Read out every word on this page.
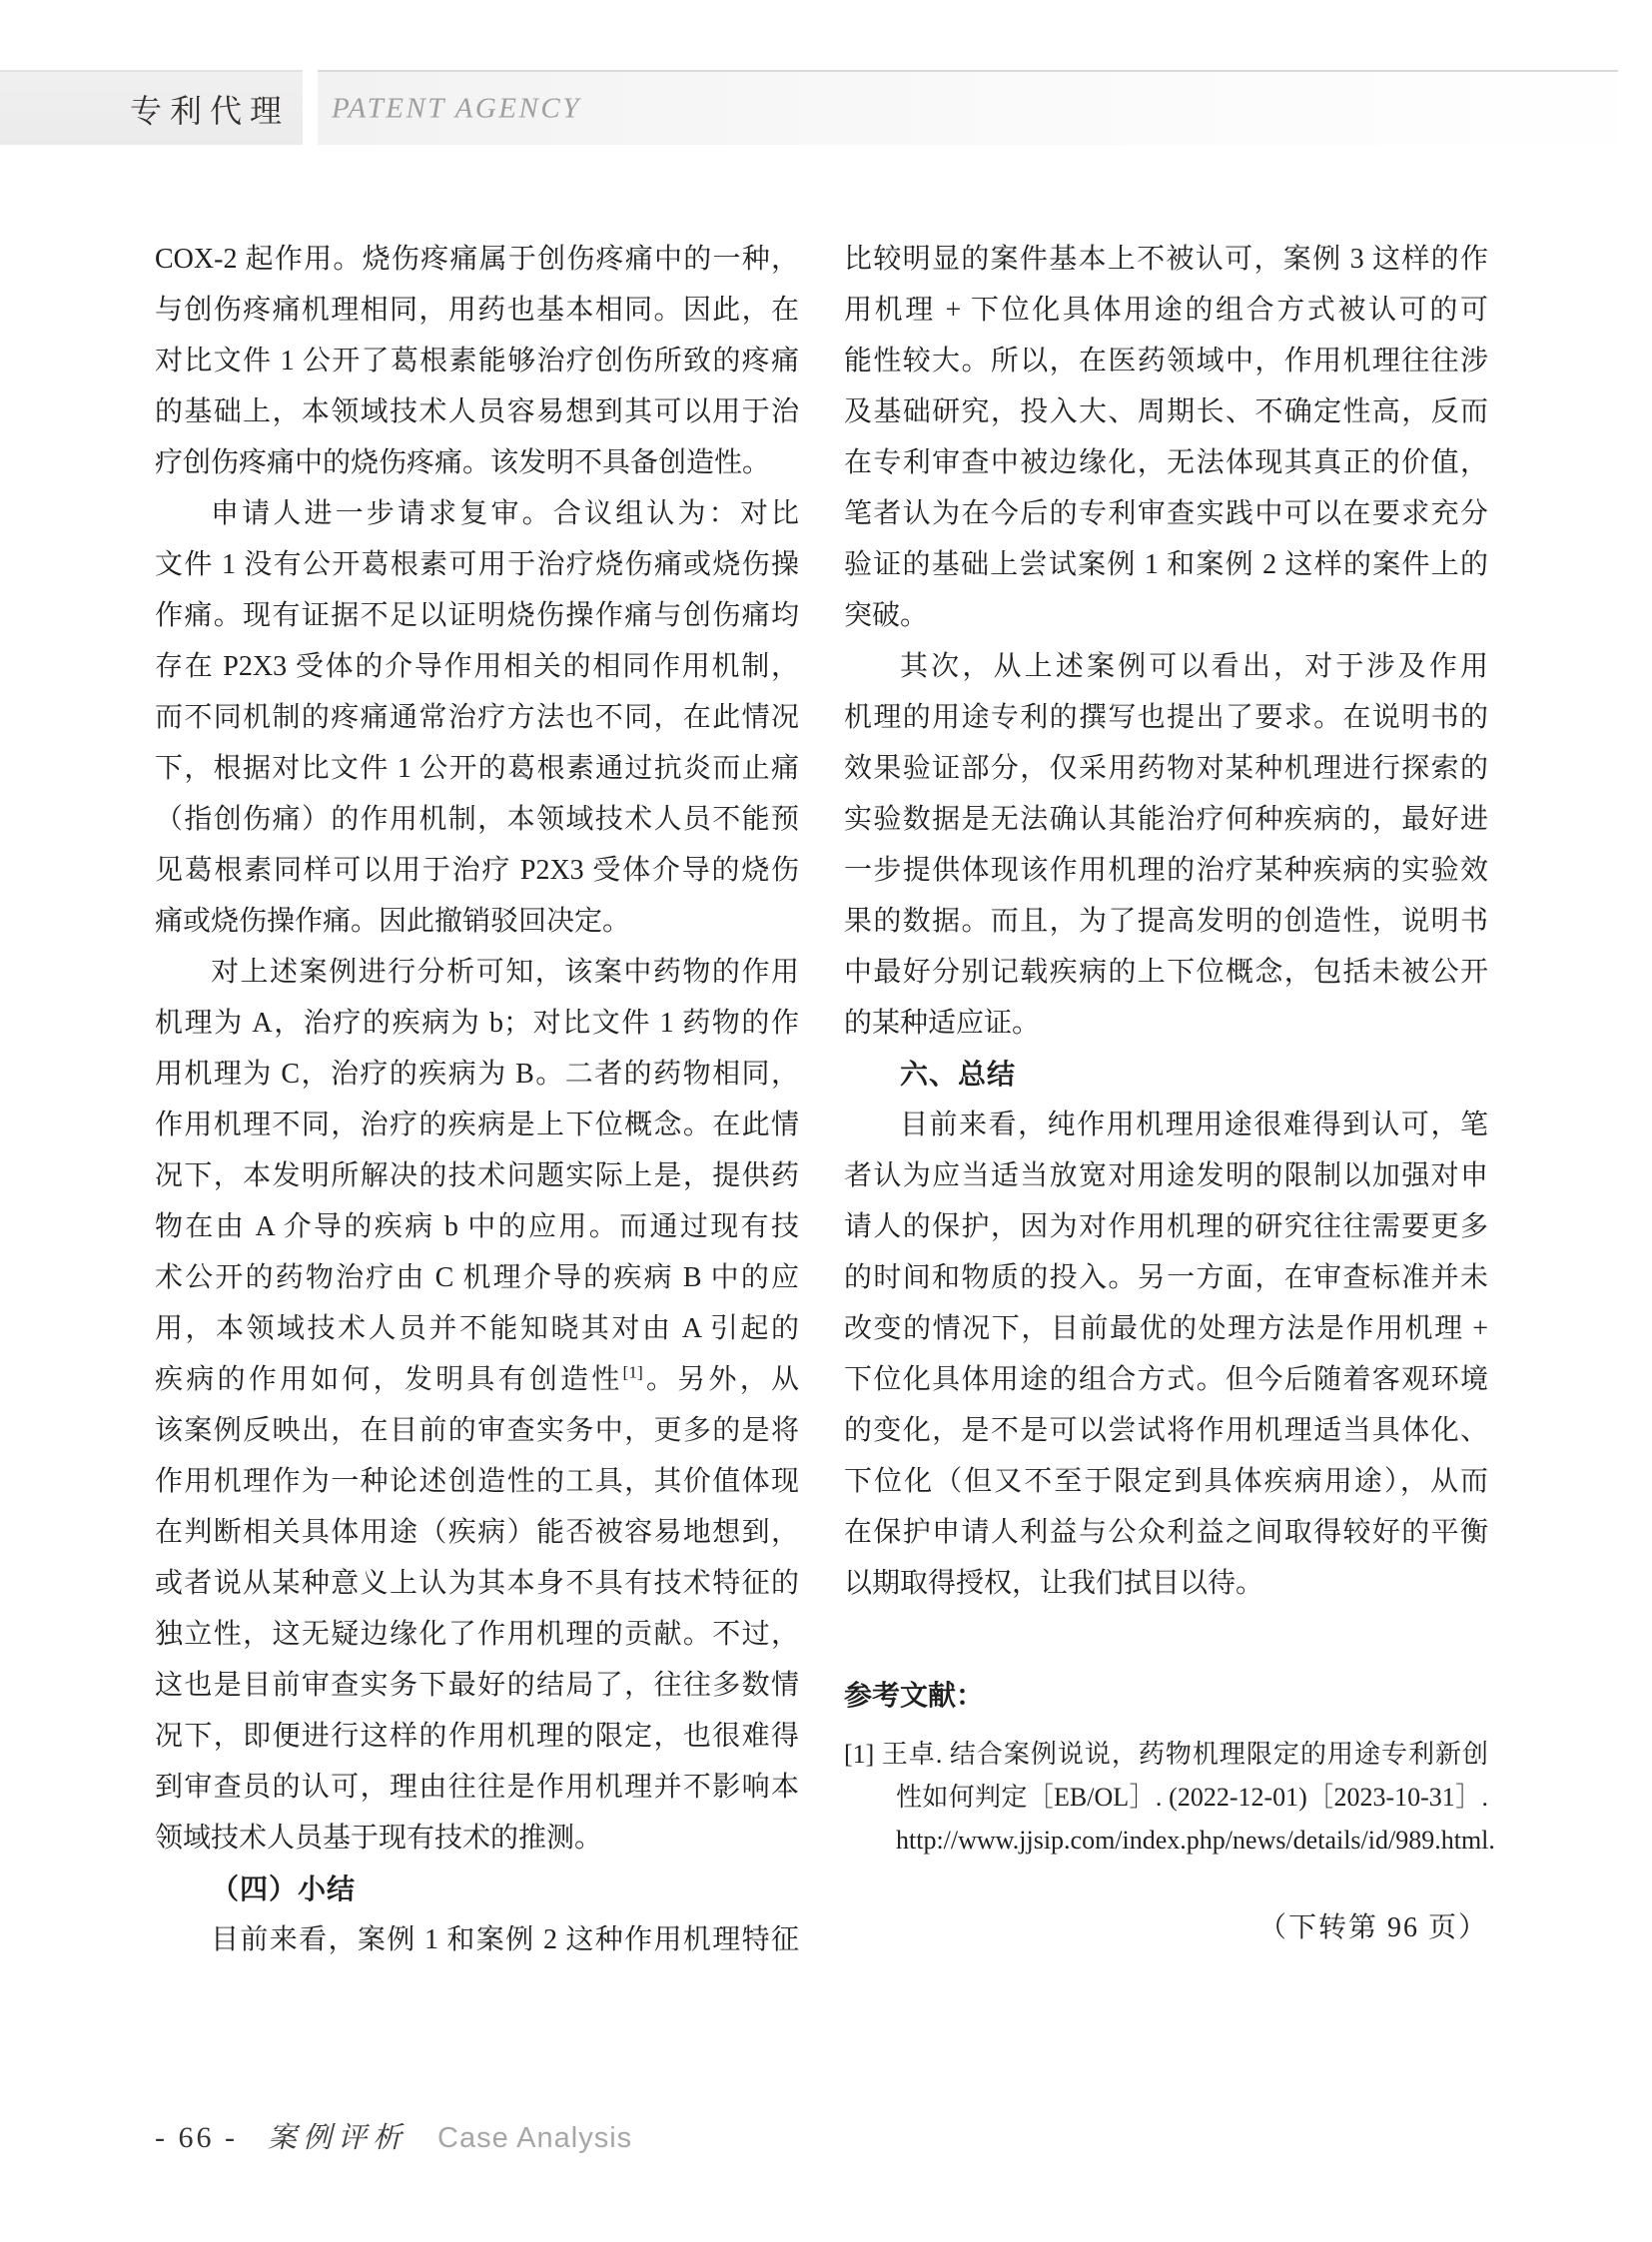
专利代理 PATENT AGENCY
COX-2 起作用。烧伤疼痛属于创伤疼痛中的一种，
与创伤疼痛机理相同，用药也基本相同。因此，在
对比文件 1 公开了葛根素能够治疗创伤所致的疼痛
的基础上，本领域技术人员容易想到其可以用于治
疗创伤疼痛中的烧伤疼痛。该发明不具备创造性。
申请人进一步请求复审。合议组认为：对比
文件 1 没有公开葛根素可用于治疗烧伤痛或烧伤操
作痛。现有证据不足以证明烧伤操作痛与创伤痛均
存在 P2X3 受体的介导作用相关的相同作用机制，
而不同机制的疼痛通常治疗方法也不同，在此情况
下，根据对比文件 1 公开的葛根素通过抗炎而止痛
（指创伤痛）的作用机制，本领域技术人员不能预
见葛根素同样可以用于治疗 P2X3 受体介导的烧伤
痛或烧伤操作痛。因此撤销驳回决定。
对上述案例进行分析可知，该案中药物的作用
机理为 A，治疗的疾病为 b；对比文件 1 药物的作
用机理为 C，治疗的疾病为 B。二者的药物相同，
作用机理不同，治疗的疾病是上下位概念。在此情
况下，本发明所解决的技术问题实际上是，提供药
物在由 A 介导的疾病 b 中的应用。而通过现有技
术公开的药物治疗由 C 机理介导的疾病 B 中的应
用，本领域技术人员并不能知晓其对由 A 引起的
疾病的作用如何，发明具有创造性[1]。另外，从
该案例反映出，在目前的审查实务中，更多的是将
作用机理作为一种论述创造性的工具，其价值体现
在判断相关具体用途（疾病）能否被容易地想到，
或者说从某种意义上认为其本身不具有技术特征的
独立性，这无疑边缘化了作用机理的贡献。不过，
这也是目前审查实务下最好的结局了，往往多数情
况下，即便进行这样的作用机理的限定，也很难得
到审查员的认可，理由往往是作用机理并不影响本
领域技术人员基于现有技术的推测。
（四）小结
目前来看，案例 1 和案例 2 这种作用机理特征
比较明显的案件基本上不被认可，案例 3 这样的作
用机理 + 下位化具体用途的组合方式被认可的可
能性较大。所以，在医药领域中，作用机理往往涉
及基础研究，投入大、周期长、不确定性高，反而
在专利审查中被边缘化，无法体现其真正的价值，
笔者认为在今后的专利审查实践中可以在要求充分
验证的基础上尝试案例 1 和案例 2 这样的案件上的
突破。
其次，从上述案例可以看出，对于涉及作用
机理的用途专利的撰写也提出了要求。在说明书的
效果验证部分，仅采用药物对某种机理进行探索的
实验数据是无法确认其能治疗何种疾病的，最好进
一步提供体现该作用机理的治疗某种疾病的实验效
果的数据。而且，为了提高发明的创造性，说明书
中最好分别记载疾病的上下位概念，包括未被公开
的某种适应证。
六、总结
目前来看，纯作用机理用途很难得到认可，笔
者认为应当适当放宽对用途发明的限制以加强对申
请人的保护，因为对作用机理的研究往往需要更多
的时间和物质的投入。另一方面，在审查标准并未
改变的情况下，目前最优的处理方法是作用机理 +
下位化具体用途的组合方式。但今后随着客观环境
的变化，是不是可以尝试将作用机理适当具体化、
下位化（但又不至于限定到具体疾病用途），从而
在保护申请人利益与公众利益之间取得较好的平衡
以期取得授权，让我们拭目以待。
参考文献：
[1] 王卓. 结合案例说说，药物机理限定的用途专利新创
性如何判定［EB/OL］. (2022-12-01)［2023-10-31］.
http://www.jjsip.com/index.php/news/details/id/989.html.
（下转第 96 页）
- 66 - 案例评析 Case Analysis
